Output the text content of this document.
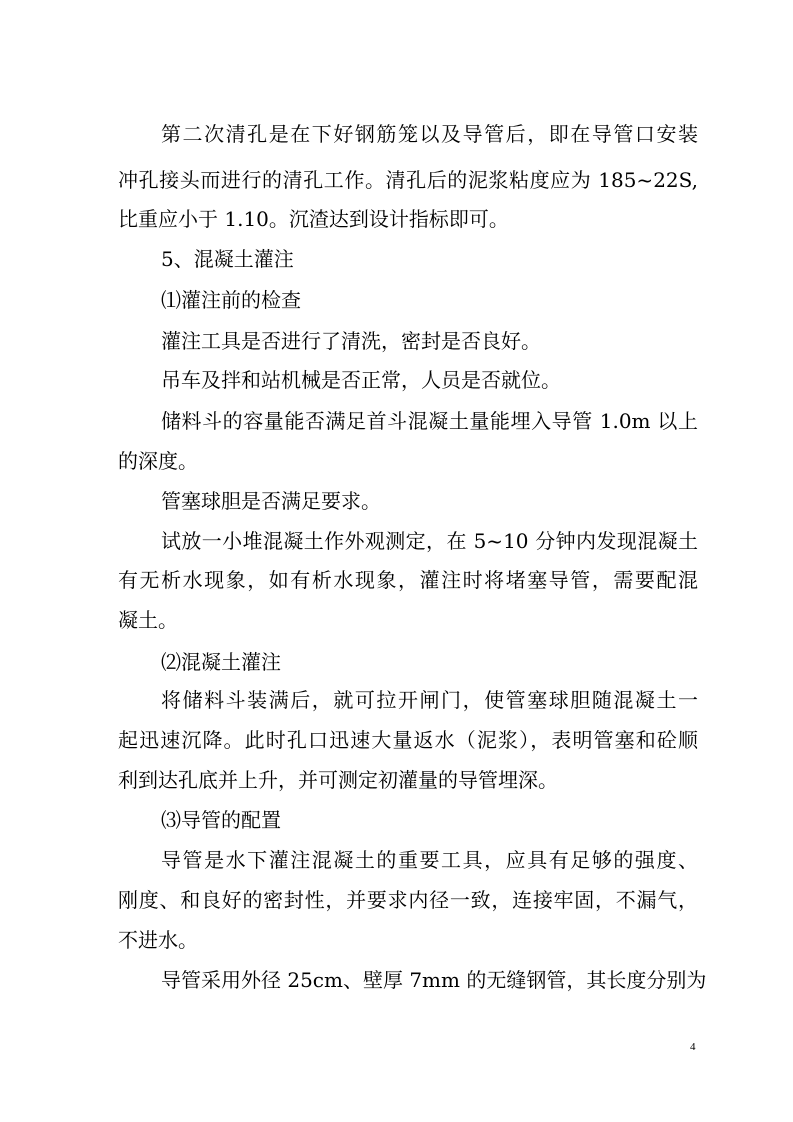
第二次清孔是在下好钢筋笼以及导管后，即在导管口安装
冲孔接头而进行的清孔工作。清孔后的泥浆粘度应为 185~22S,
比重应小于 1.10。沉渣达到设计指标即可。
5、混凝土灌注
⑴灌注前的检查
灌注工具是否进行了清洗，密封是否良好。
吊车及拌和站机械是否正常，人员是否就位。
储料斗的容量能否满足首斗混凝土量能埋入导管 1.0m 以上
的深度。
管塞球胆是否满足要求。
试放一小堆混凝土作外观测定，在 5~10 分钟内发现混凝土
有无析水现象，如有析水现象，灌注时将堵塞导管，需要配混
凝土。
⑵混凝土灌注
将储料斗装满后，就可拉开闸门，使管塞球胆随混凝土一
起迅速沉降。此时孔口迅速大量返水（泥浆），表明管塞和砼顺
利到达孔底并上升，并可测定初灌量的导管埋深。
⑶导管的配置
导管是水下灌注混凝土的重要工具，应具有足够的强度、
刚度、和良好的密封性，并要求内径一致，连接牢固，不漏气，
不进水。
导管采用外径 25cm、壁厚 7mm 的无缝钢管，其长度分别为
4
